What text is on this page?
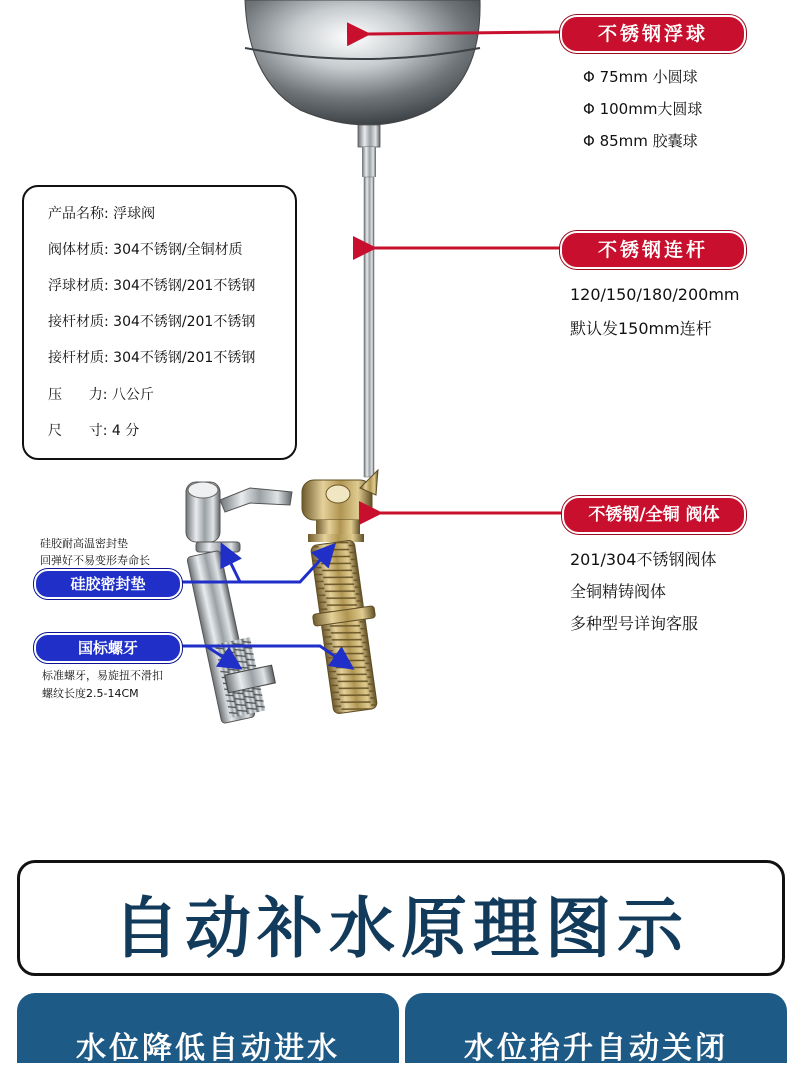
不锈钢浮球
Φ 75mm 小圆球
Φ 100mm大圆球
Φ 85mm 胶囊球
不锈钢连杆
120/150/180/200mm
默认发150mm连杆
不锈钢/全铜 阀体
201/304不锈钢阀体
全铜精铸阀体
多种型号详询客服
产品名称: 浮球阀
阀体材质: 304不锈钢/全铜材质
浮球材质: 304不锈钢/201不锈钢
接杆材质: 304不锈钢/201不锈钢
接杆材质: 304不锈钢/201不锈钢
压      力: 八公斤
尺      寸: 4 分
硅胶耐高温密封垫
回弹好不易变形寿命长
硅胶密封垫
国标螺牙
标准螺牙，易旋扭不滑扣
螺纹长度2.5-14CM
自动补水原理图示
水位降低自动进水	水位抬升自动关闭
